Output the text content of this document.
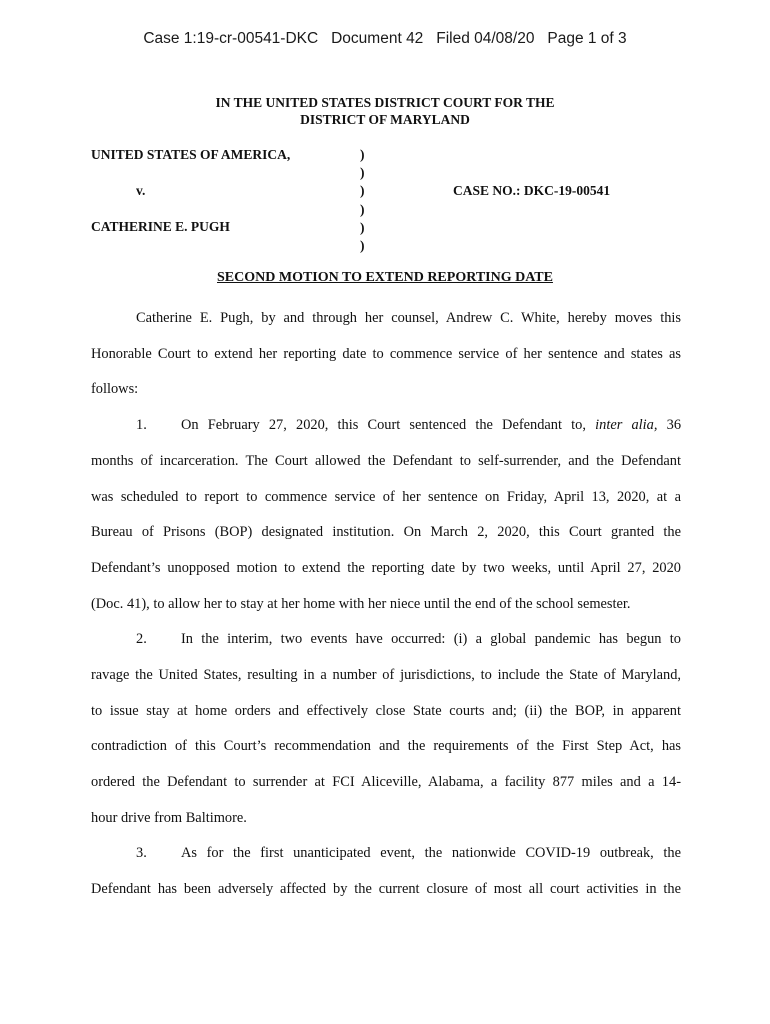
Case 1:19-cr-00541-DKC   Document 42   Filed 04/08/20   Page 1 of 3
IN THE UNITED STATES DISTRICT COURT FOR THE
DISTRICT OF MARYLAND
UNITED STATES OF AMERICA,
v.
CATHERINE E. PUGH
)
)
)
)
)
)
CASE NO.: DKC-19-00541
SECOND MOTION TO EXTEND REPORTING DATE
Catherine E. Pugh, by and through her counsel, Andrew C. White, hereby moves this
Honorable Court to extend her reporting date to commence service of her sentence and states as
follows:
1. On February 27, 2020, this Court sentenced the Defendant to, inter alia, 36
months of incarceration. The Court allowed the Defendant to self-surrender, and the Defendant
was scheduled to report to commence service of her sentence on Friday, April 13, 2020, at a
Bureau of Prisons (BOP) designated institution. On March 2, 2020, this Court granted the
Defendant’s unopposed motion to extend the reporting date by two weeks, until April 27, 2020
(Doc. 41), to allow her to stay at her home with her niece until the end of the school semester.
2. In the interim, two events have occurred: (i) a global pandemic has begun to
ravage the United States, resulting in a number of jurisdictions, to include the State of Maryland,
to issue stay at home orders and effectively close State courts and; (ii) the BOP, in apparent
contradiction of this Court’s recommendation and the requirements of the First Step Act, has
ordered the Defendant to surrender at FCI Aliceville, Alabama, a facility 877 miles and a 14-
hour drive from Baltimore.
3. As for the first unanticipated event, the nationwide COVID-19 outbreak, the
Defendant has been adversely affected by the current closure of most all court activities in the
